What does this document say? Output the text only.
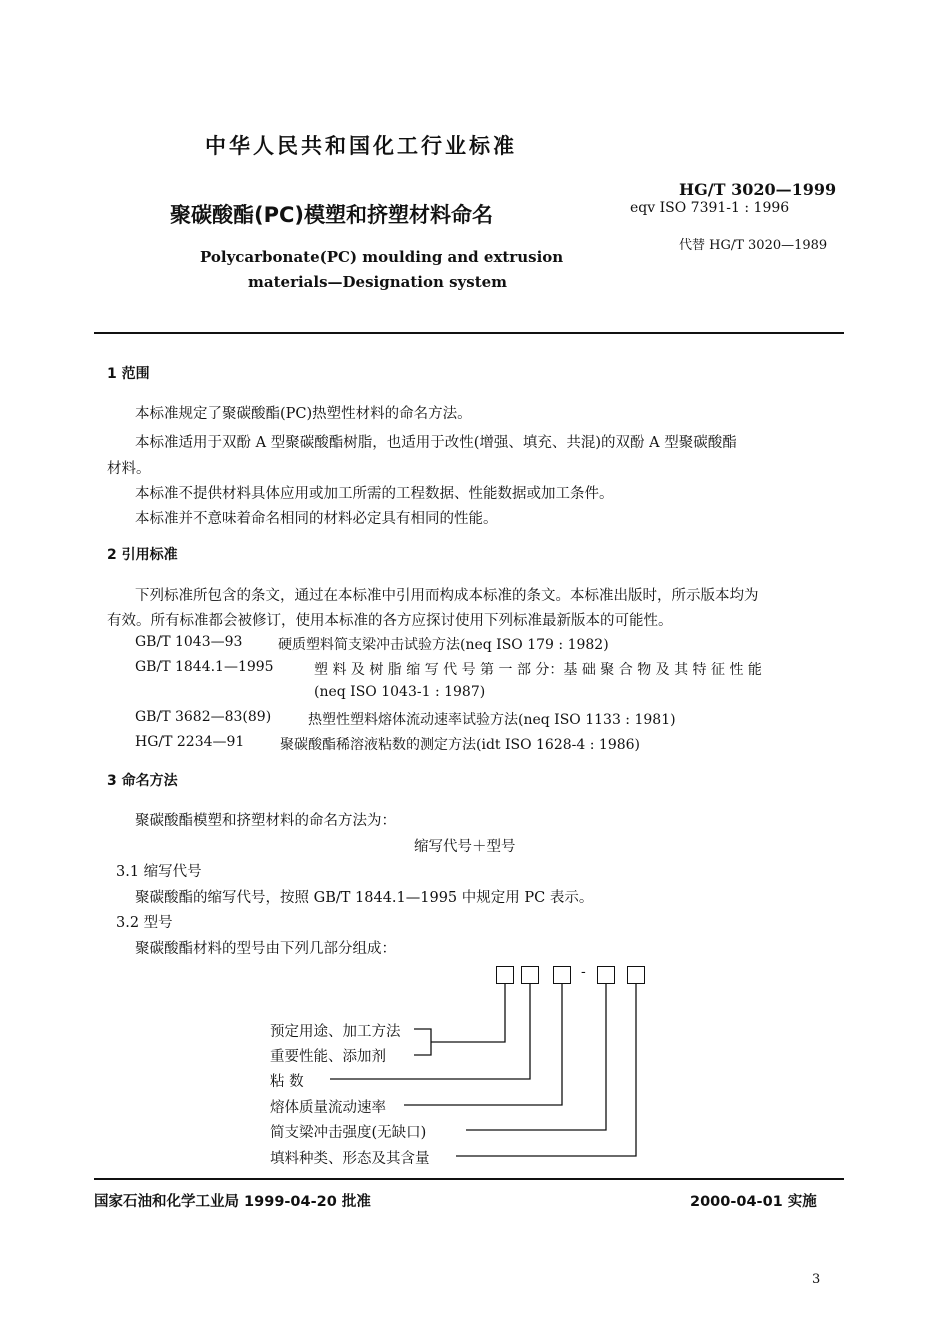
中华人民共和国化工行业标准
聚碳酸酯(PC)模塑和挤塑材料命名
Polycarbonate(PC) moulding and extrusion
materials—Designation system
HG/T 3020—1999
eqv ISO 7391-1 : 1996
代替 HG/T 3020—1989
1 范围
本标准规定了聚碳酸酯(PC)热塑性材料的命名方法。
本标准适用于双酚 A 型聚碳酸酯树脂，也适用于改性(增强、填充、共混)的双酚 A 型聚碳酸酯
材料。
本标准不提供材料具体应用或加工所需的工程数据、性能数据或加工条件。
本标准并不意味着命名相同的材料必定具有相同的性能。
2 引用标准
下列标准所包含的条文，通过在本标准中引用而构成本标准的条文。本标准出版时，所示版本均为
有效。所有标准都会被修订，使用本标准的各方应探讨使用下列标准最新版本的可能性。
GB/T 1043—93	硬质塑料简支梁冲击试验方法(neq ISO 179 : 1982)
GB/T 1844.1—1995	塑 料 及 树 脂 缩 写 代 号 第 一 部 分：基 础 聚 合 物 及 其 特 征 性 能
(neq ISO 1043-1 : 1987)
GB/T 3682—83(89)	热塑性塑料熔体流动速率试验方法(neq ISO 1133 : 1981)
HG/T 2234—91	聚碳酸酯稀溶液粘数的测定方法(idt ISO 1628-4 : 1986)
3 命名方法
聚碳酸酯模塑和挤塑材料的命名方法为：
缩写代号＋型号
3.1 缩写代号
聚碳酸酯的缩写代号，按照 GB/T 1844.1—1995 中规定用 PC 表示。
3.2 型号
聚碳酸酯材料的型号由下列几部分组成：
-
预定用途、加工方法
重要性能、添加剂
粘 数
熔体质量流动速率
简支梁冲击强度(无缺口)
填料种类、形态及其含量
国家石油和化学工业局 1999-04-20 批准	2000-04-01 实施
3
